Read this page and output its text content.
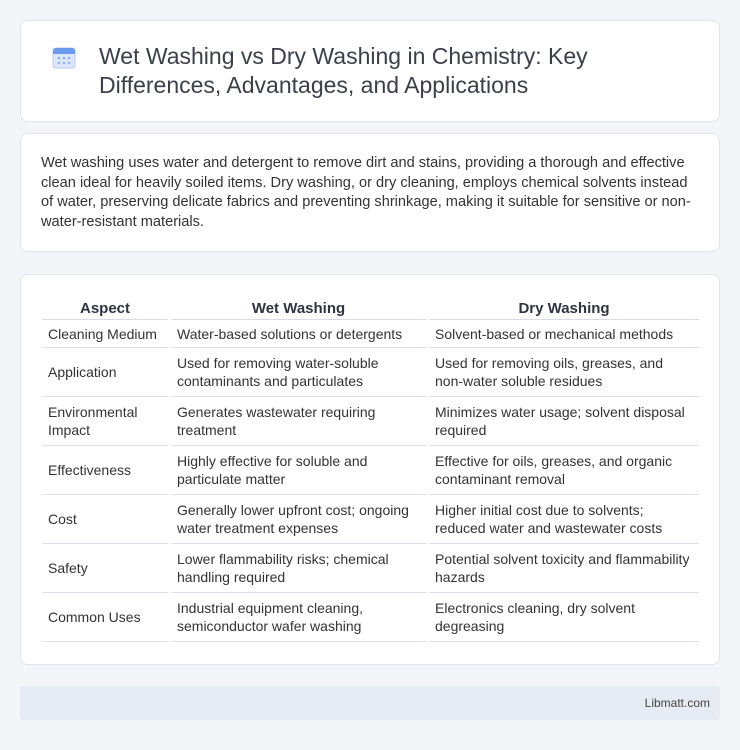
Wet Washing vs Dry Washing in Chemistry: Key Differences, Advantages, and Applications

Wet washing uses water and detergent to remove dirt and stains, providing a thorough and effective clean ideal for heavily soiled items. Dry washing, or dry cleaning, employs chemical solvents instead of water, preserving delicate fabrics and preventing shrinkage, making it suitable for sensitive or non-water-resistant materials.

Aspect	Wet Washing	Dry Washing
Cleaning Medium	Water-based solutions or detergents	Solvent-based or mechanical methods
Application	Used for removing water-soluble contaminants and particulates	Used for removing oils, greases, and non-water soluble residues
Environmental Impact	Generates wastewater requiring treatment	Minimizes water usage; solvent disposal required
Effectiveness	Highly effective for soluble and particulate matter	Effective for oils, greases, and organic contaminant removal
Cost	Generally lower upfront cost; ongoing water treatment expenses	Higher initial cost due to solvents; reduced water and wastewater costs
Safety	Lower flammability risks; chemical handling required	Potential solvent toxicity and flammability hazards
Common Uses	Industrial equipment cleaning, semiconductor wafer washing	Electronics cleaning, dry solvent degreasing
Libmatt.com
